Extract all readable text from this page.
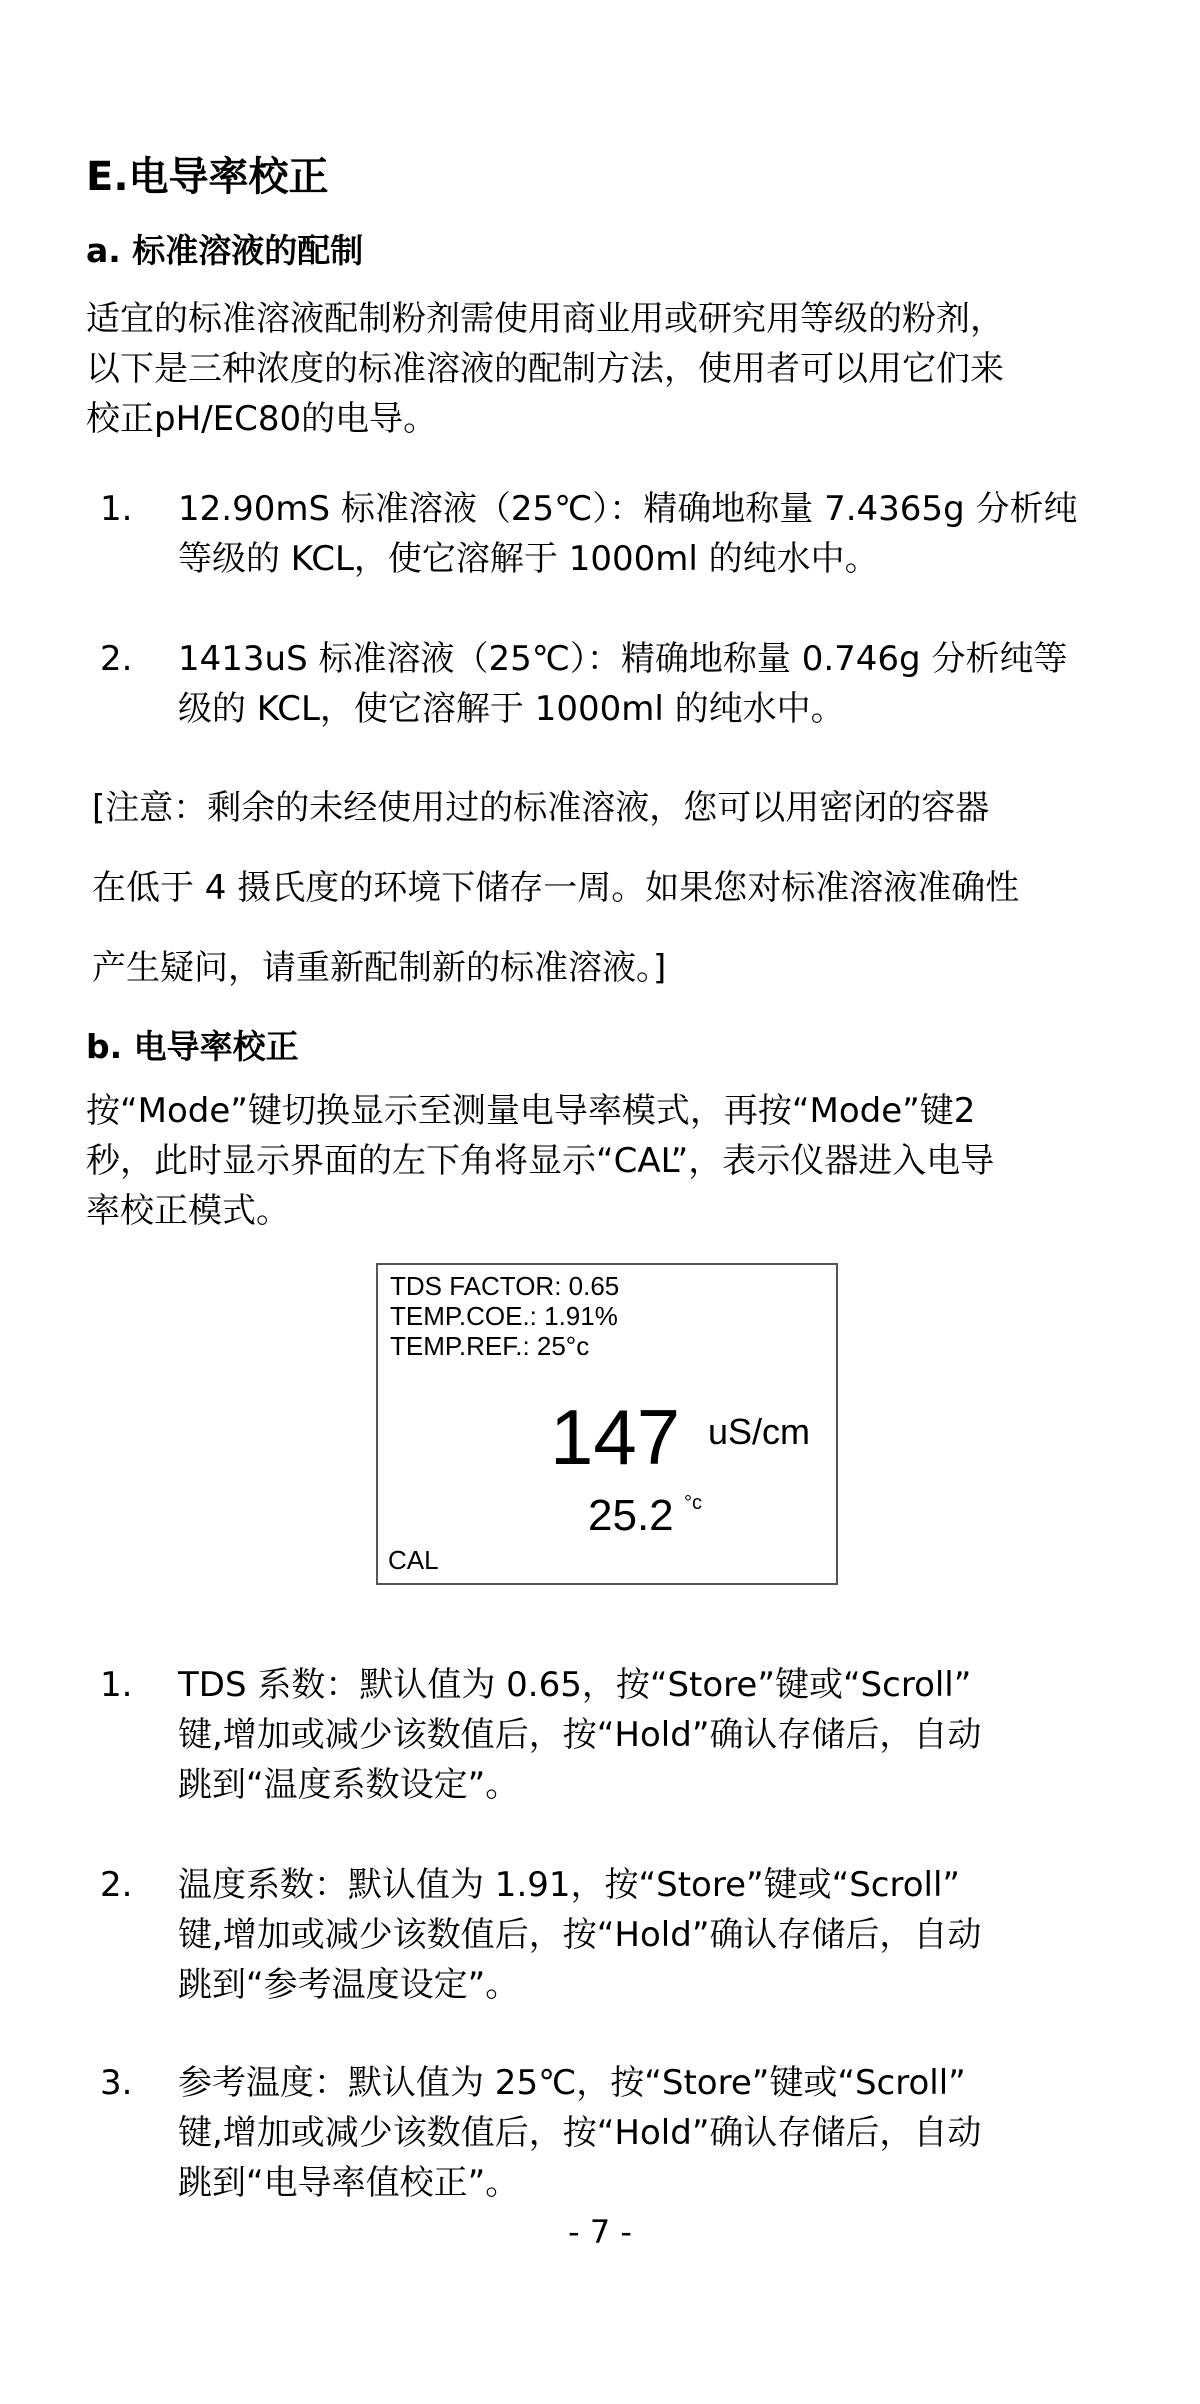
E.电导率校正
a. 标准溶液的配制
适宜的标准溶液配制粉剂需使用商业用或研究用等级的粉剂，
以下是三种浓度的标准溶液的配制方法，使用者可以用它们来
校正pH/EC80的电导。
1. 12.90mS 标准溶液（25℃）：精确地称量 7.4365g 分析纯
等级的 KCL，使它溶解于 1000ml 的纯水中。
2. 1413uS 标准溶液（25℃）：精确地称量 0.746g 分析纯等
级的 KCL，使它溶解于 1000ml 的纯水中。
[注意：剩余的未经使用过的标准溶液，您可以用密闭的容器
在低于 4 摄氏度的环境下储存一周。如果您对标准溶液准确性
产生疑问，请重新配制新的标准溶液。]
b. 电导率校正
按“Mode”键切换显示至测量电导率模式，再按“Mode”键2
秒，此时显示界面的左下角将显示“CAL”，表示仪器进入电导
率校正模式。
TDS FACTOR: 0.65
TEMP.COE.: 1.91%
TEMP.REF.: 25°c
147 uS/cm
25.2 °c
CAL
1. TDS 系数：默认值为 0.65，按“Store”键或“Scroll”
键,增加或减少该数值后，按“Hold”确认存储后，自动
跳到“温度系数设定”。
2. 温度系数：默认值为 1.91，按“Store”键或“Scroll”
键,增加或减少该数值后，按“Hold”确认存储后，自动
跳到“参考温度设定”。
3. 参考温度：默认值为 25℃，按“Store”键或“Scroll”
键,增加或减少该数值后，按“Hold”确认存储后，自动
跳到“电导率值校正”。
- 7 -
